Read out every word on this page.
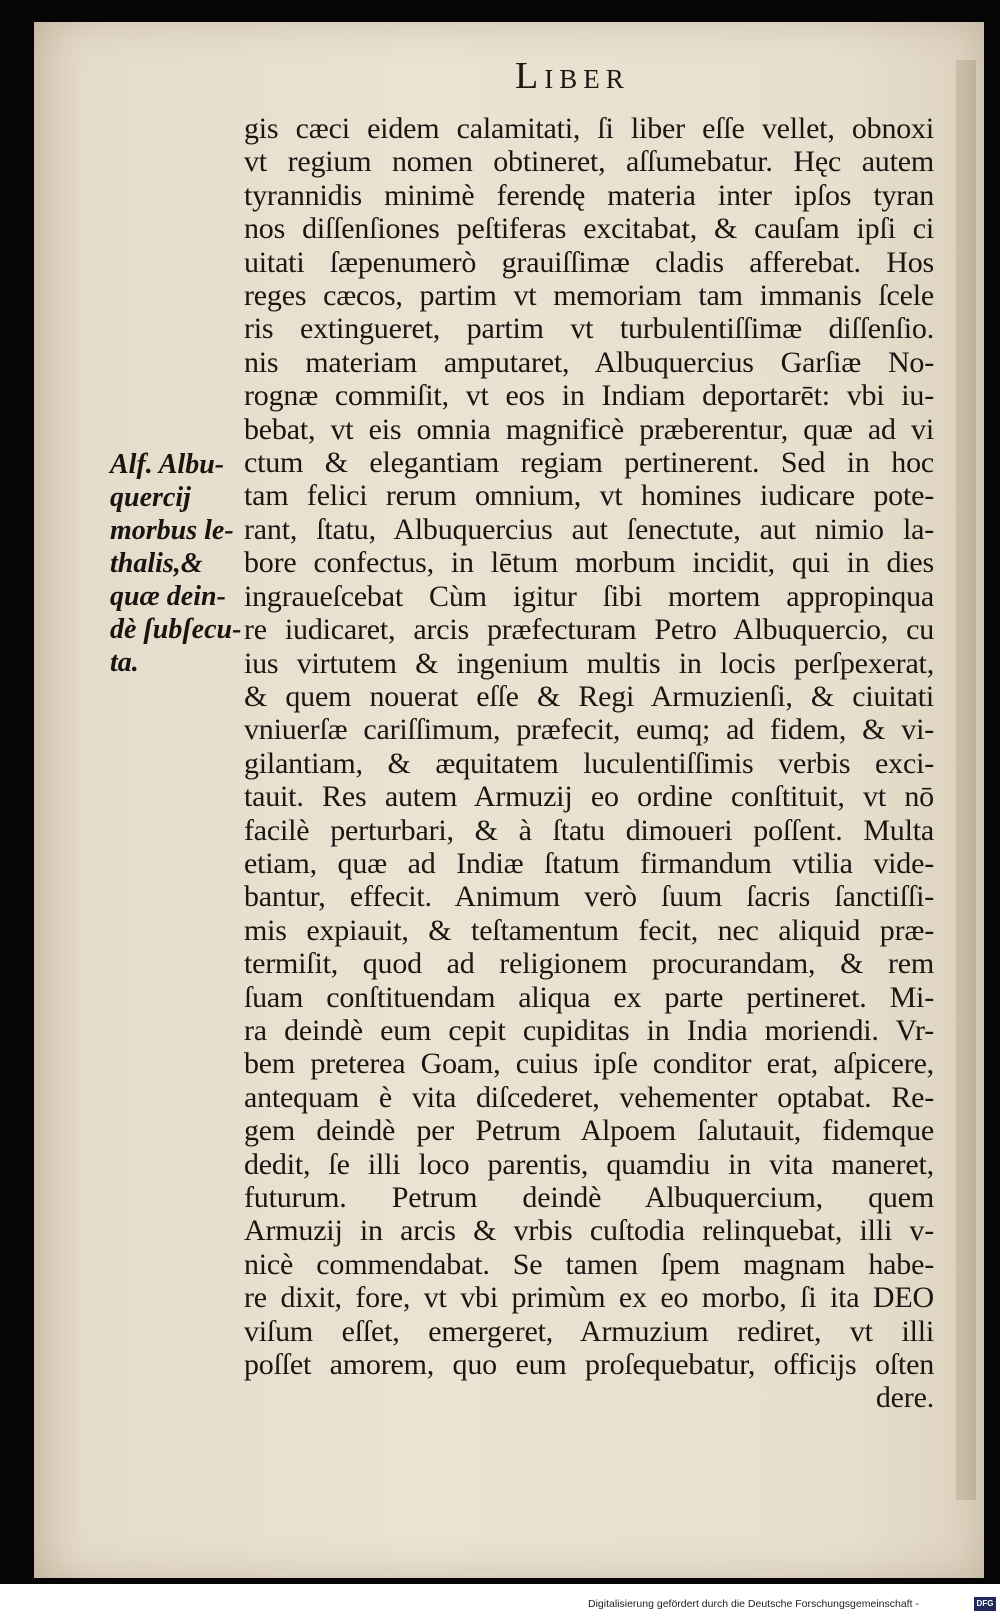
Liber
Alf. Albu-
quercij
morbus le-
thalis,&
quæ dein-
dè ſubſecu-
ta.
gis cæci eidem calamitati, ſi liber eſſe vellet, obnoxi
vt regium nomen obtineret, aſſumebatur. Hęc autem
tyrannidis minimè ferendę materia inter ipſos tyran
nos diſſenſiones peſtiferas excitabat, & cauſam ipſi ci
uitati ſæpenumerò grauiſſimæ cladis afferebat. Hos
reges cæcos, partim vt memoriam tam immanis ſcele
ris extingueret, partim vt turbulentiſſimæ diſſenſio.
nis materiam amputaret, Albuquercius Garſiæ No-
rognæ commiſit, vt eos in Indiam deportarēt: vbi iu-
bebat, vt eis omnia magnificè præberentur, quæ ad vi
ctum & elegantiam regiam pertinerent. Sed in hoc
tam felici rerum omnium, vt homines iudicare pote-
rant, ſtatu, Albuquercius aut ſenectute, aut nimio la-
bore confectus, in lētum morbum incidit, qui in dies
ingraueſcebat Cùm igitur ſibi mortem appropinqua
re iudicaret, arcis præfecturam Petro Albuquercio, cu
ius virtutem & ingenium multis in locis perſpexerat,
& quem nouerat eſſe & Regi Armuzienſi, & ciuitati
vniuerſæ cariſſimum, præfecit, eumq; ad fidem, & vi-
gilantiam, & æquitatem luculentiſſimis verbis exci-
tauit. Res autem Armuzij eo ordine conſtituit, vt nō
facilè perturbari, & à ſtatu dimoueri poſſent. Multa
etiam, quæ ad Indiæ ſtatum firmandum vtilia vide-
bantur, effecit. Animum verò ſuum ſacris ſanctiſſi-
mis expiauit, & teſtamentum fecit, nec aliquid præ-
termiſit, quod ad religionem procurandam, & rem
ſuam conſtituendam aliqua ex parte pertineret. Mi-
ra deindè eum cepit cupiditas in India moriendi. Vr-
bem preterea Goam, cuius ipſe conditor erat, aſpicere,
antequam è vita diſcederet, vehementer optabat. Re-
gem deindè per Petrum Alpoem ſalutauit, fidemque
dedit, ſe illi loco parentis, quamdiu in vita maneret,
futurum. Petrum deindè Albuquercium, quem
Armuzij in arcis & vrbis cuſtodia relinquebat, illi v-
nicè commendabat. Se tamen ſpem magnam habe-
re dixit, fore, vt vbi primùm ex eo morbo, ſi ita DEO
viſum eſſet, emergeret, Armuzium rediret, vt illi
poſſet amorem, quo eum proſequebatur, officijs oſten
dere.
Digitalisierung gefördert durch die Deutsche Forschungsgemeinschaft -	DFG
